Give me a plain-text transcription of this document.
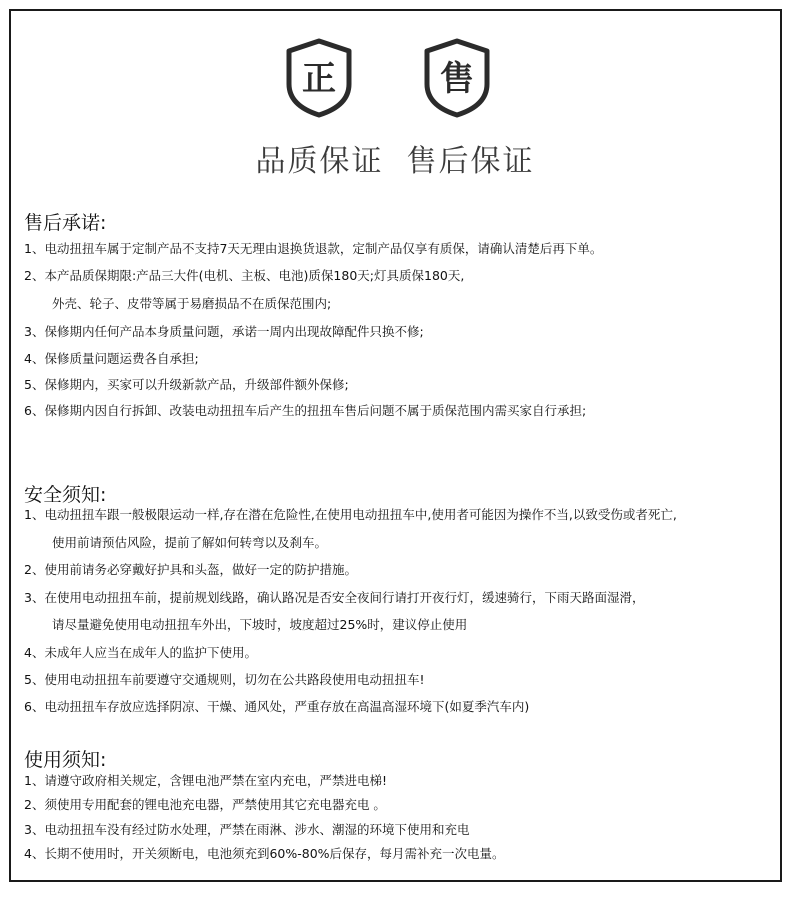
正	售
品质保证  售后保证
售后承诺:
1、电动扭扭车属于定制产品不支持7天无理由退换货退款，定制产品仅享有质保，请确认清楚后再下单。
2、本产品质保期限:产品三大件(电机、主板、电池)质保180天;灯具质保180天,
外壳、轮子、皮带等属于易磨损品不在质保范围内;
3、保修期内任何产品本身质量问题，承诺一周内出现故障配件只换不修;
4、保修质量问题运费各自承担;
5、保修期内，买家可以升级新款产品，升级部件额外保修;
6、保修期内因自行拆卸、改装电动扭扭车后产生的扭扭车售后问题不属于质保范围内需买家自行承担;
安全须知:
1、电动扭扭车跟一般极限运动一样,存在潜在危险性,在使用电动扭扭车中,使用者可能因为操作不当,以致受伤或者死亡,
使用前请预估风险，提前了解如何转弯以及刹车。
2、使用前请务必穿戴好护具和头盔，做好一定的防护措施。
3、在使用电动扭扭车前，提前规划线路，确认路况是否安全夜间行请打开夜行灯，缓速骑行，下雨天路面湿滑，
请尽量避免使用电动扭扭车外出，下坡时，坡度超过25%时，建议停止使用
4、未成年人应当在成年人的监护下使用。
5、使用电动扭扭车前要遵守交通规则，切勿在公共路段使用电动扭扭车!
6、电动扭扭车存放应选择阴凉、干燥、通风处，严重存放在高温高湿环境下(如夏季汽车内)
使用须知:
1、请遵守政府相关规定，含锂电池严禁在室内充电，严禁进电梯!
2、须使用专用配套的锂电池充电器，严禁使用其它充电器充电 。
3、电动扭扭车没有经过防水处理，严禁在雨淋、涉水、潮湿的环境下使用和充电
4、长期不使用时，开关须断电，电池须充到60%-80%后保存，每月需补充一次电量。
